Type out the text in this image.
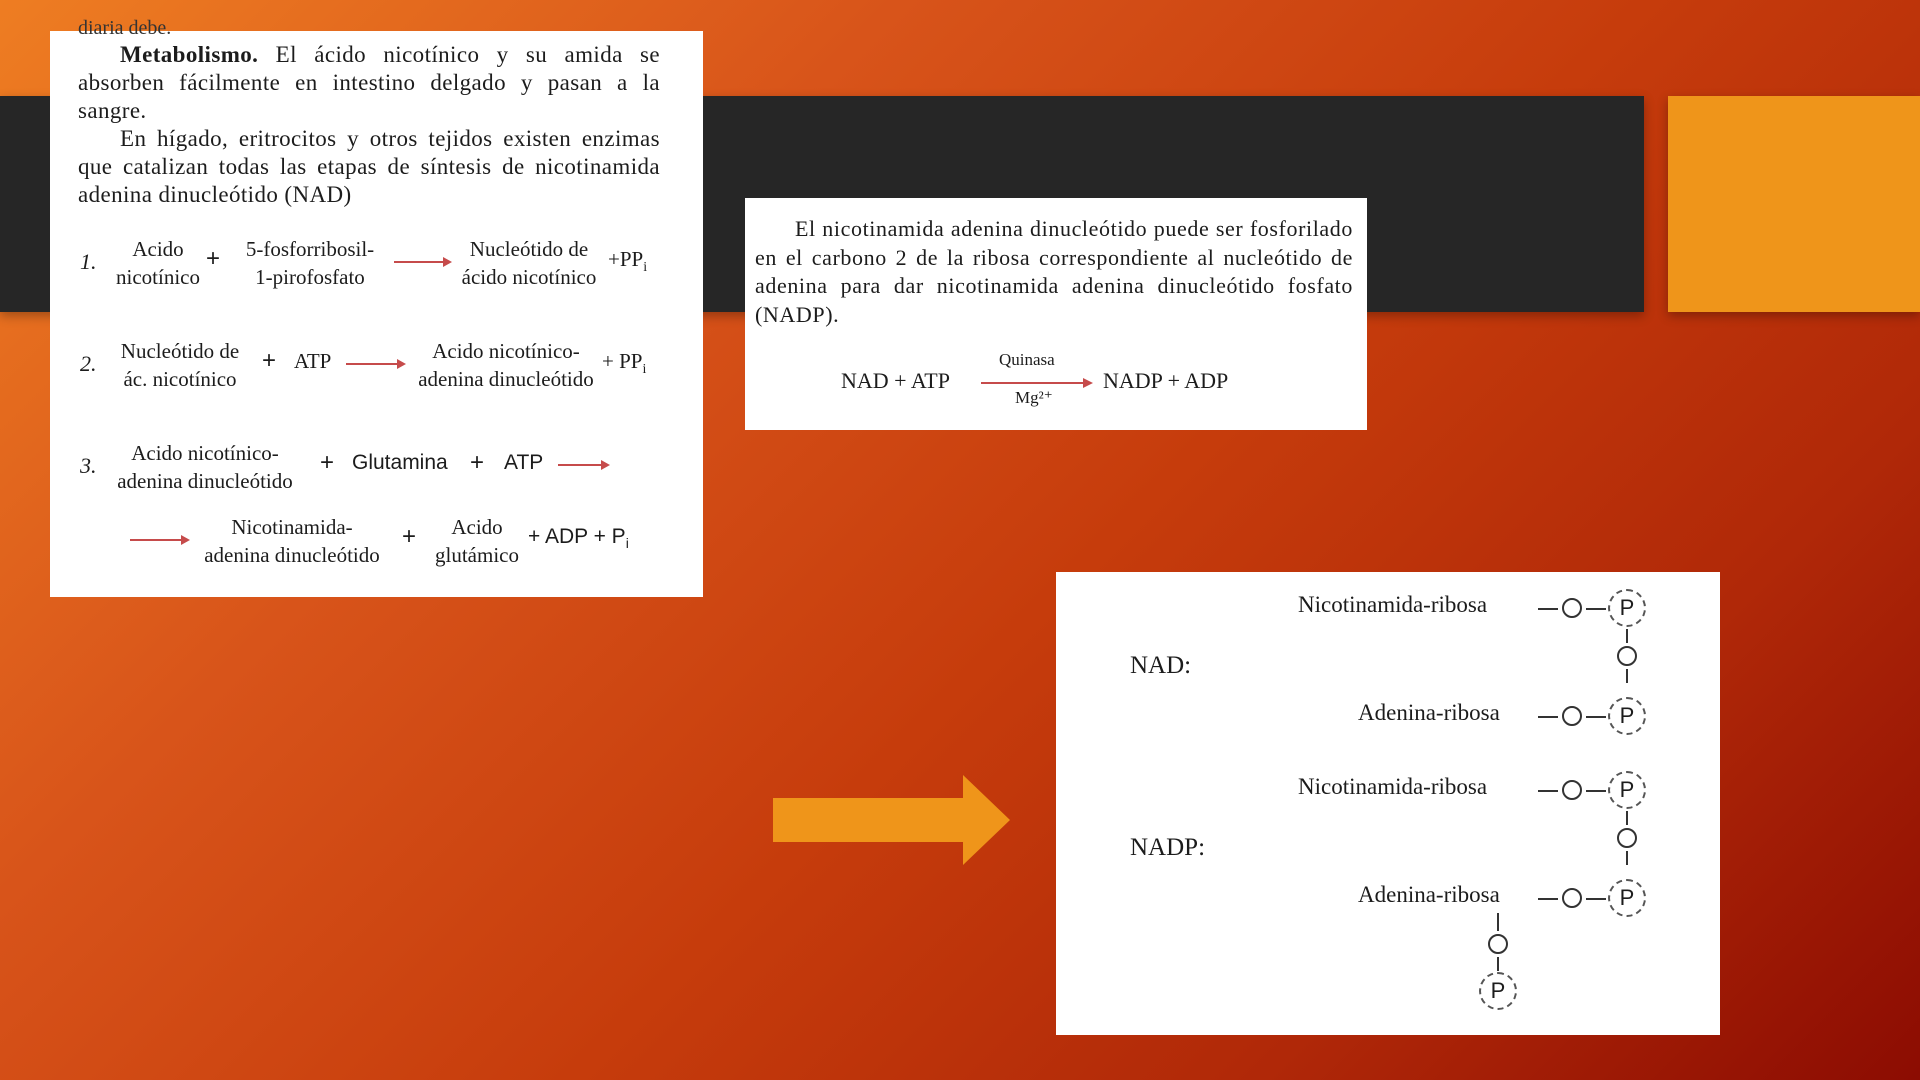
diaria debe.
Metabolismo. El ácido nicotínico y su amida se absorben fácilmente en intestino delgado y pasan a la sangre.
En hígado, eritrocitos y otros tejidos existen enzimas que catalizan todas las etapas de síntesis de nicotinamida adenina dinucleótido (NAD)
1.	Acido
nicotínico
+	5-fosforribosil-
1-pirofosfato
Nucleótido de
ácido nicotínico
$+PP_i$
2.	Nucleótido de
ác. nicotínico
+ ATP →
Acido nicotínico-
adenina dinucleótido
+ $PP_i$
3.	Acido nicotínico-
adenina dinucleótido
+ Glutamina + ATP →
Nicotinamida-
adenina dinucleótido
+	Acido
glutámico
+ ADP + $P_i$
El nicotinamida adenina dinucleótido puede ser fosforilado en el carbono 2 de la ribosa correspondiente al nucleótido de adenina para dar nicotinamida adenina dinucleótido fosfato (NADP).
NAD + ATP
Quinasa
Mg²⁺
NADP + ADP
NAD:
Nicotinamida-ribosa	P
Adenina-ribosa	P
NADP:
Nicotinamida-ribosa	P
Adenina-ribosa	P
P
